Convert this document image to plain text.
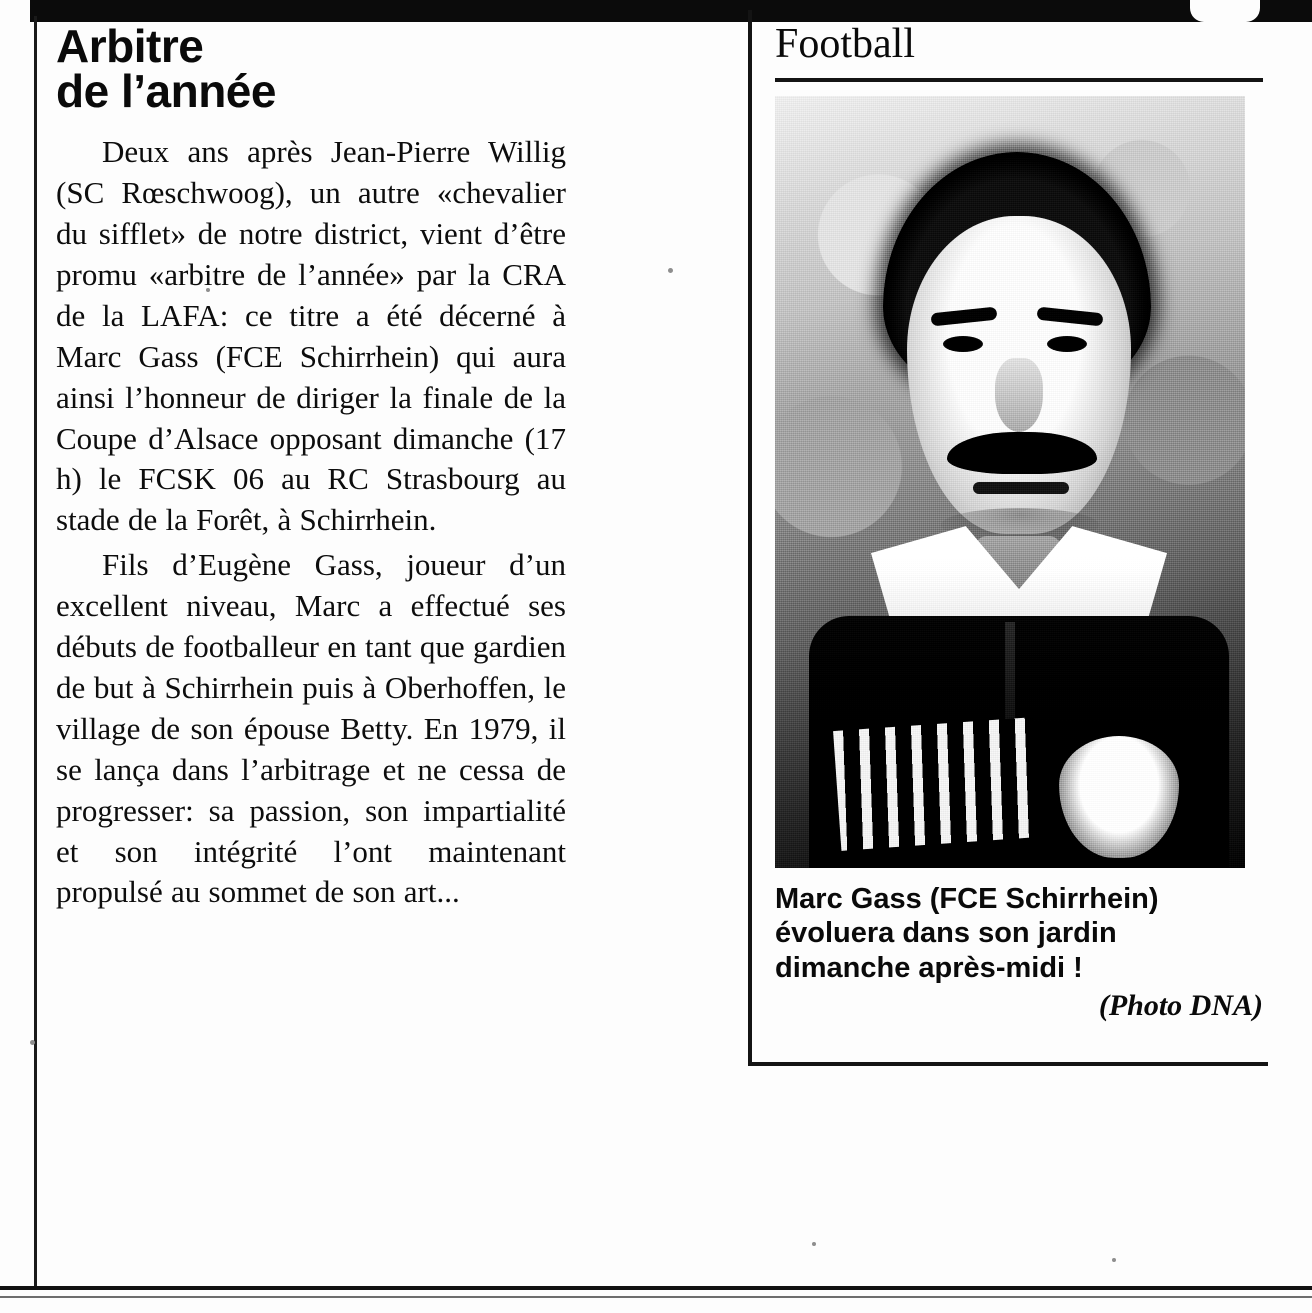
Arbitre
de l’année

Deux ans après Jean-Pierre Willig (SC Rœschwoog), un autre «chevalier du sifflet» de notre district, vient d’être promu «arbitre de l’année» par la CRA de la LAFA: ce titre a été décerné à Marc Gass (FCE Schirrhein) qui aura ainsi l’honneur de diriger la finale de la Coupe d’Alsace opposant dimanche (17 h) le FCSK 06 au RC Strasbourg au stade de la Forêt, à Schirrhein.

Fils d’Eugène Gass, joueur d’un excellent niveau, Marc a effectué ses débuts de footballeur en tant que gardien de but à Schirrhein puis à Oberhoffen, le village de son épouse Betty. En 1979, il se lança dans l’arbitrage et ne cessa de progresser: sa passion, son impartialité et son intégrité l’ont maintenant propulsé au sommet de son art...

Football
Marc Gass (FCE Schirrhein) évoluera dans son jardin dimanche après-midi !
(Photo DNA)
